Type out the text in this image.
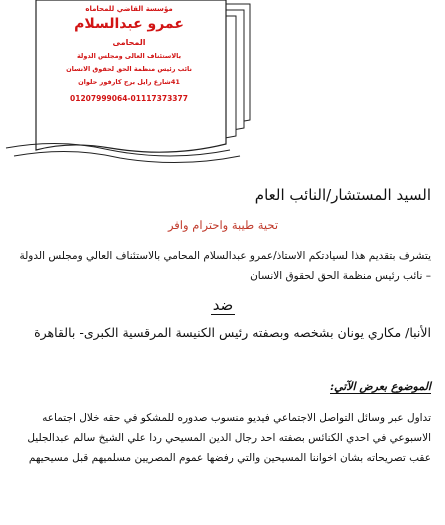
مؤسسة القاضي للمحاماه
عمرو عبدالسلام
المحامى
بالاستئناف العالى ومجلس الدولة
نائب رئيس منظمة الحق لحقوق الانسان
41شارع رايل برج كارفور حلوان
01207999064-01117373377
السيد المستشار/النائب العام
تحية طيبة واحترام وافر
يتشرف بتقديم هذا لسيادتكم الاستاذ/عمرو عبدالسلام المحامي بالاستئناف العالي ومجلس الدولة – نائب رئيس منظمة الحق لحقوق الانسان
ضد
الأنبا/ مكاري يونان بشخصه وبصفته رئيس الكنيسة المرقسية الكبرى- بالقاهرة
الموضوع بعرض الآتي:
تداول عبر وسائل التواصل الاجتماعي فيديو منسوب صدوره للمشكو في حقه خلال اجتماعه الاسبوعي في احدي الكنائس بصفته احد رجال الدين المسيحي ردا علي الشيخ سالم عبدالجليل عقب تصريحاته بشان اخواننا المسيحين والتي رفضها عموم المصريين مسلميهم قبل مسيحيهم
